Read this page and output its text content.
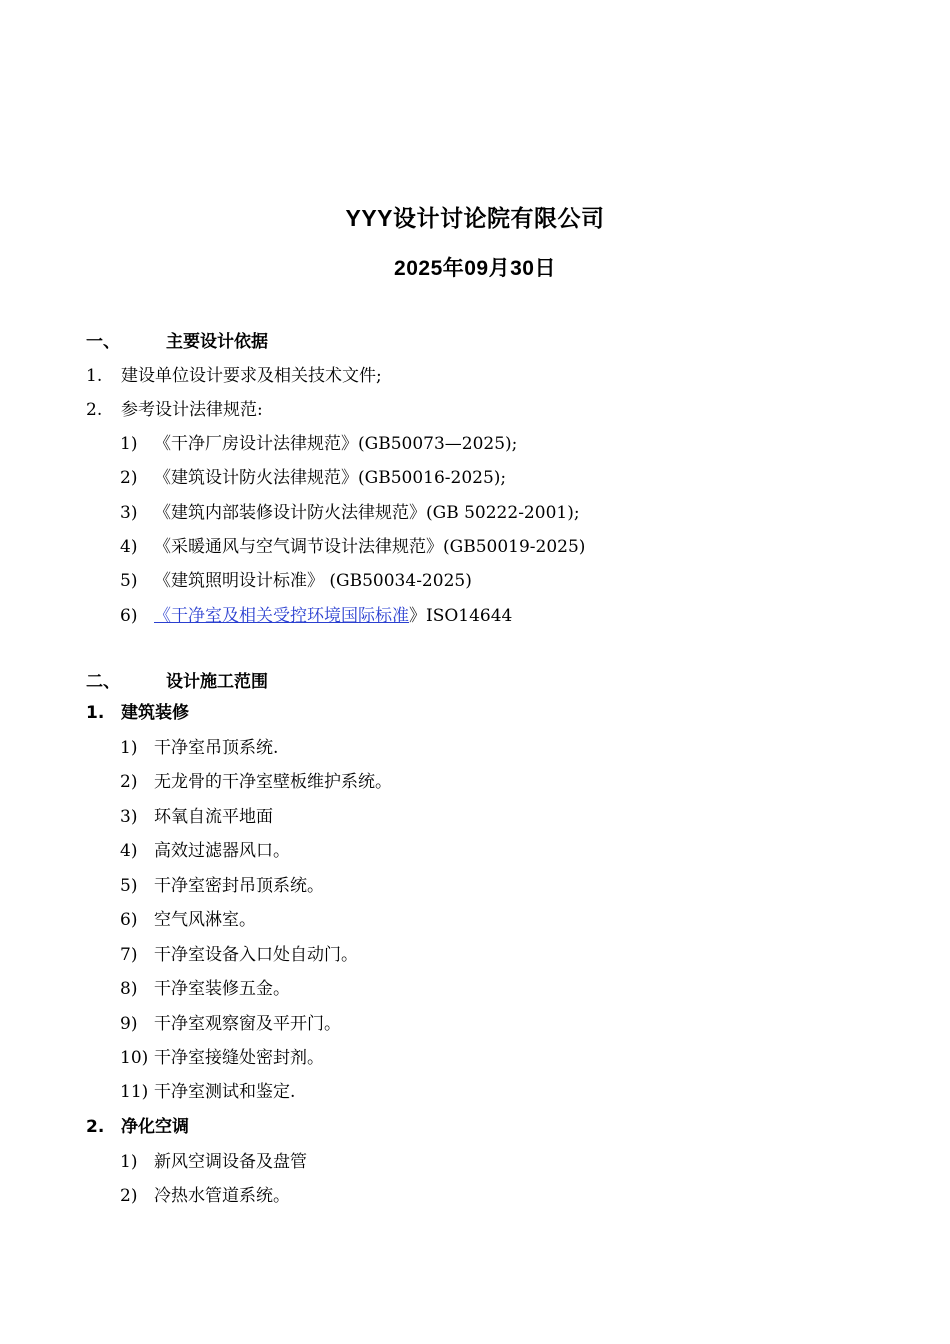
YYY设计讨论院有限公司
2025年09月30日
一、	主要设计依据
1. 建设单位设计要求及相关技术文件;
2. 参考设计法律规范:
1) 《干净厂房设计法律规范》(GB50073—2025);
2) 《建筑设计防火法律规范》(GB50016-2025);
3) 《建筑内部装修设计防火法律规范》(GB 50222-2001);
4) 《采暖通风与空气调节设计法律规范》(GB50019-2025)
5) 《建筑照明设计标准》 (GB50034-2025)
6) 《干净室及相关受控环境国际标准》ISO14644
二、	设计施工范围
1. 建筑装修
1) 干净室吊顶系统.
2) 无龙骨的干净室壁板维护系统。
3) 环氧自流平地面
4) 高效过滤器风口。
5) 干净室密封吊顶系统。
6) 空气风淋室。
7) 干净室设备入口处自动门。
8) 干净室装修五金。
9) 干净室观察窗及平开门。
10) 干净室接缝处密封剂。
11) 干净室测试和鉴定.
2. 净化空调
1) 新风空调设备及盘管
2) 冷热水管道系统。
